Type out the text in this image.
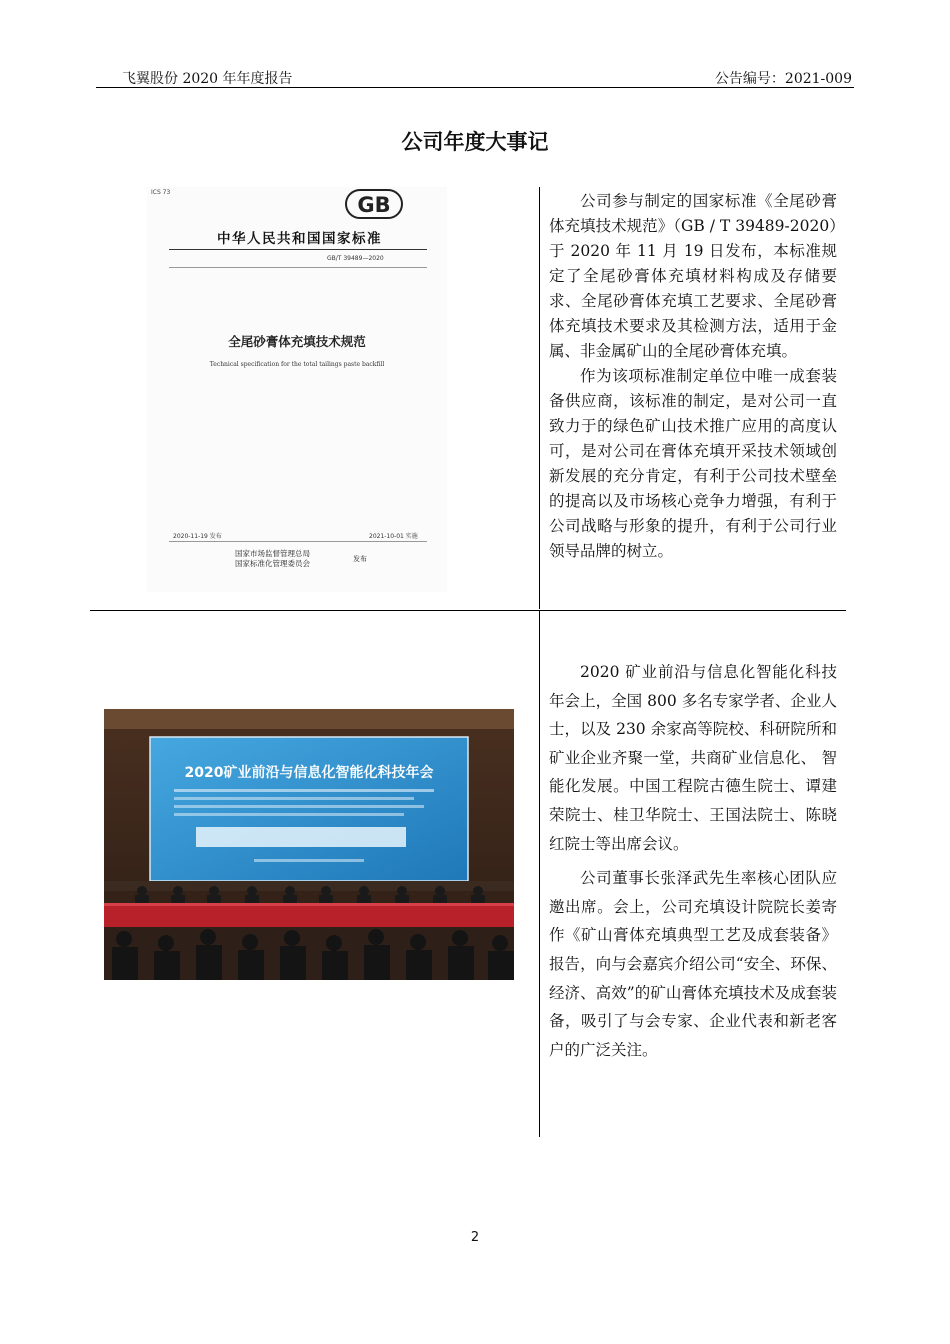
飞翼股份 2020 年年度报告	公告编号：2021-009
公司年度大事记
ICS 73
GB
中华人民共和国国家标准
GB/T 39489—2020
全尾砂膏体充填技术规范
Technical specification for the total tailings paste backfill
2020-11-19 发布	2021-10-01 实施
国家市场监督管理总局
国家标准化管理委员会	发布

公司参与制定的国家标准《全尾砂膏体充填技术规范》（GB / T 39489-2020）于 2020 年 11 月 19 日发布，本标准规定了全尾砂膏体充填材料构成及存储要求、全尾砂膏体充填工艺要求、全尾砂膏体充填技术要求及其检测方法，适用于金属、非金属矿山的全尾砂膏体充填。

作为该项标准制定单位中唯一成套装备供应商，该标准的制定，是对公司一直致力于的绿色矿山技术推广应用的高度认可，是对公司在膏体充填开采技术领域创新发展的充分肯定，有利于公司技术壁垒的提高以及市场核心竞争力增强，有利于公司战略与形象的提升，有利于公司行业领导品牌的树立。

2020矿业前沿与信息化智能化科技年会

2020 矿业前沿与信息化智能化科技年会上，全国 800 多名专家学者、企业人士，以及 230 余家高等院校、科研院所和矿业企业齐聚一堂，共商矿业信息化、 智能化发展。中国工程院古德生院士、谭建荣院士、桂卫华院士、王国法院士、陈晓红院士等出席会议。

公司董事长张泽武先生率核心团队应邀出席。会上，公司充填设计院院长姜寄作《矿山膏体充填典型工艺及成套装备》报告，向与会嘉宾介绍公司“安全、环保、经济、高效”的矿山膏体充填技术及成套装备，吸引了与会专家、企业代表和新老客户的广泛关注。

2
